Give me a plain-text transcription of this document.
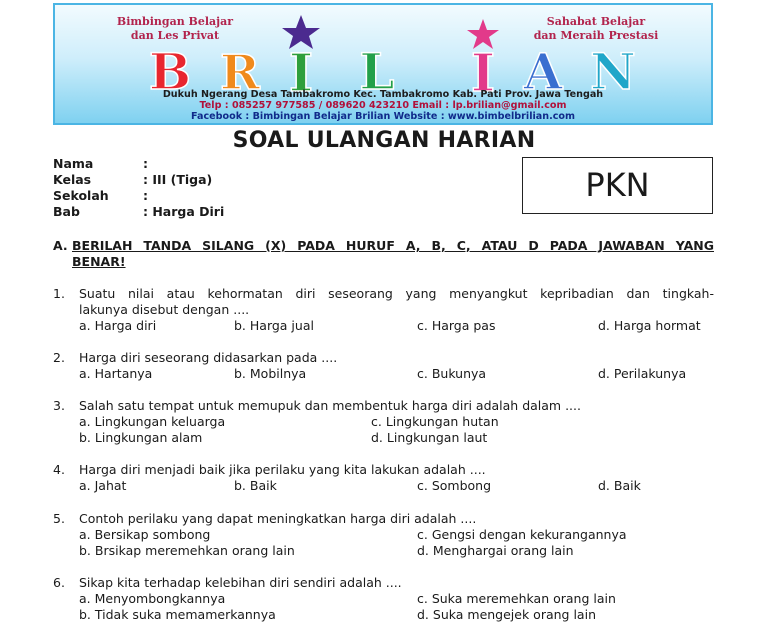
Bimbingan Belajar
dan Les Privat
Sahabat Belajar
dan Meraih Prestasi
B R I L I A N
Dukuh Ngerang Desa Tambakromo Kec. Tambakromo Kab. Pati Prov. Jawa Tengah
Telp : 085257 977585 / 089620 423210 Email : lp.brilian@gmail.com
Facebook : Bimbingan Belajar Brilian Website : www.bimbelbrilian.com
SOAL ULANGAN HARIAN
Nama	:
Kelas	: III (Tiga)
Sekolah	:
Bab	: Harga Diri
PKN
A. BERILAH TANDA SILANG (X) PADA HURUF A, B, C, ATAU D PADA JAWABAN YANG
BENAR!
1. Suatu nilai atau kehormatan diri seseorang yang menyangkut kepribadian dan tingkah-
lakunya disebut dengan ....
a. Harga diri	b. Harga jual	c. Harga pas	d. Harga hormat
2. Harga diri seseorang didasarkan pada ....
a. Hartanya	b. Mobilnya	c. Bukunya	d. Perilakunya
3. Salah satu tempat untuk memupuk dan membentuk harga diri adalah dalam ....
a. Lingkungan keluarga	c. Lingkungan hutan
b. Lingkungan alam	d. Lingkungan laut
4. Harga diri menjadi baik jika perilaku yang kita lakukan adalah ....
a. Jahat	b. Baik	c. Sombong	d. Baik
5. Contoh perilaku yang dapat meningkatkan harga diri adalah ....
a. Bersikap sombong	c. Gengsi dengan kekurangannya
b. Brsikap meremehkan orang lain	d. Menghargai orang lain
6. Sikap kita terhadap kelebihan diri sendiri adalah ....
a. Menyombongkannya	c. Suka meremehkan orang lain
b. Tidak suka memamerkannya	d. Suka mengejek orang lain
